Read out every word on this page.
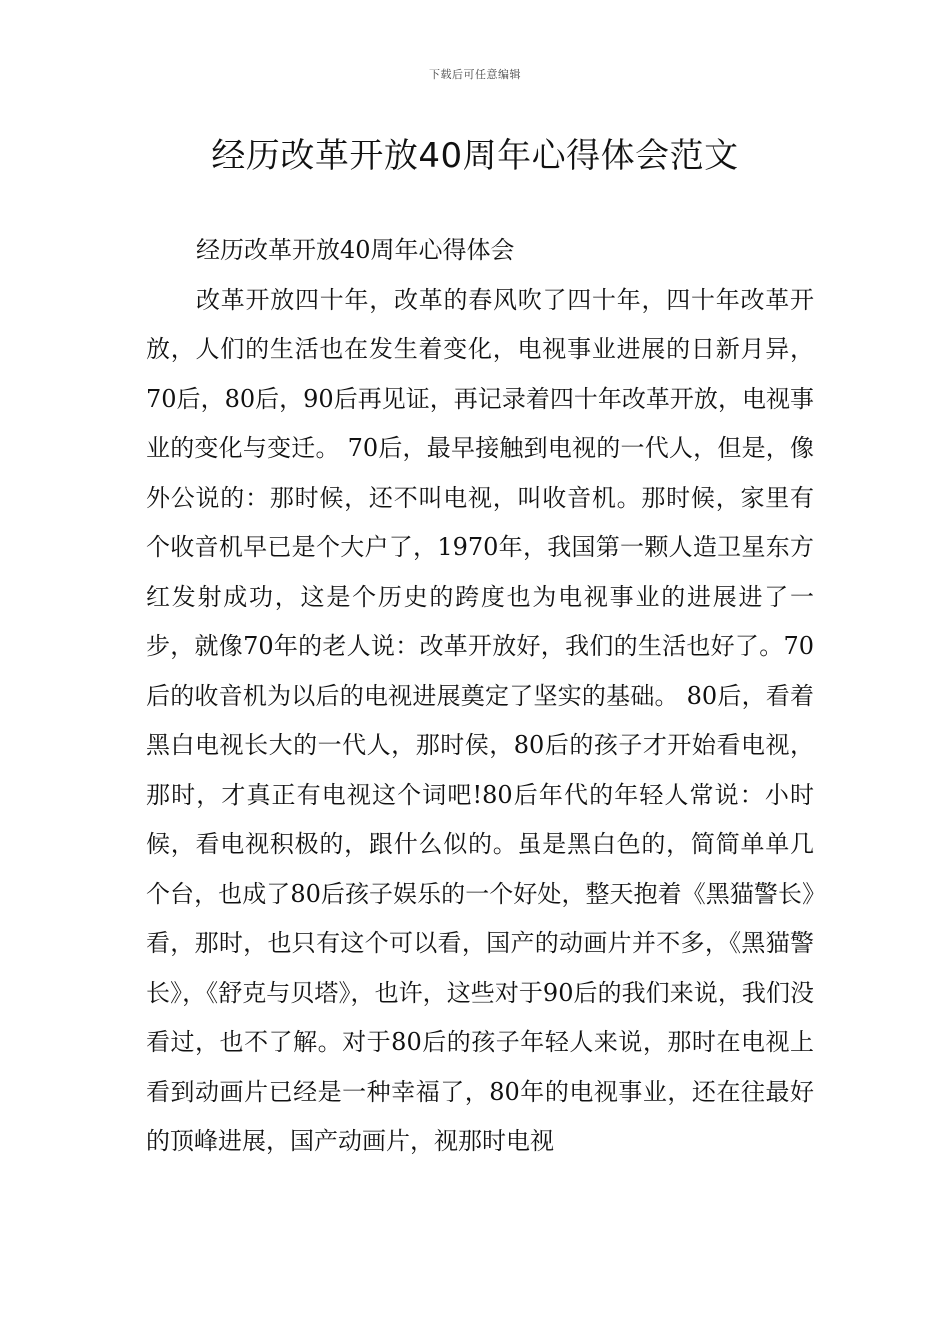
下载后可任意编辑
经历改革开放40周年心得体会范文

经历改革开放40周年心得体会

改革开放四十年，改革的春风吹了四十年，四十年改革开放，人们的生活也在发生着变化，电视事业进展的日新月异，70后，80后，90后再见证，再记录着四十年改革开放，电视事业的变化与变迁。 70后，最早接触到电视的一代人，但是，像外公说的：那时候，还不叫电视，叫收音机。那时候，家里有个收音机早已是个大户了，1970年，我国第一颗人造卫星东方红发射成功，这是个历史的跨度也为电视事业的进展进了一步，就像70年的老人说：改革开放好，我们的生活也好了。70后的收音机为以后的电视进展奠定了坚实的基础。 80后，看着黑白电视长大的一代人，那时侯，80后的孩子才开始看电视，那时，才真正有电视这个词吧!80后年代的年轻人常说：小时候，看电视积极的，跟什么似的。虽是黑白色的，简简单单几个台，也成了80后孩子娱乐的一个好处，整天抱着《黑猫警长》看，那时，也只有这个可以看，国产的动画片并不多，《黑猫警长》，《舒克与贝塔》，也许，这些对于90后的我们来说，我们没看过，也不了解。对于80后的孩子年轻人来说，那时在电视上看到动画片已经是一种幸福了，80年的电视事业，还在往最好的顶峰进展，国产动画片，视那时电视
